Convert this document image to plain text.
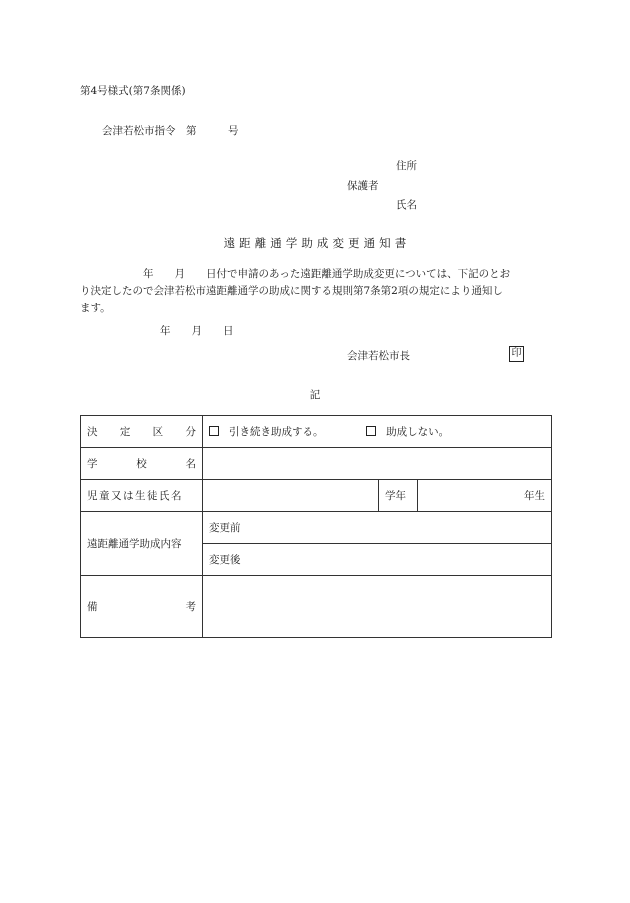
第4号様式(第7条関係)
会津若松市指令　第　　　号
住所
保護者
氏名
遠 距 離 通 学 助 成 変 更 通 知 書
　　　　　　年　　月　　日付で申請のあった遠距離通学助成変更については、下記のとお
り決定したので会津若松市遠距離通学の助成に関する規則第7条第2項の規定により通知し
ます。
年　　月　　日
会津若松市長	印
記
決 定 区 分	引き続き助成する。 助成しない。		

学 校 名			

児童又は生徒氏名		学年	年生
遠距離通学助成内容	変更前		
	変更後		

備 考			
